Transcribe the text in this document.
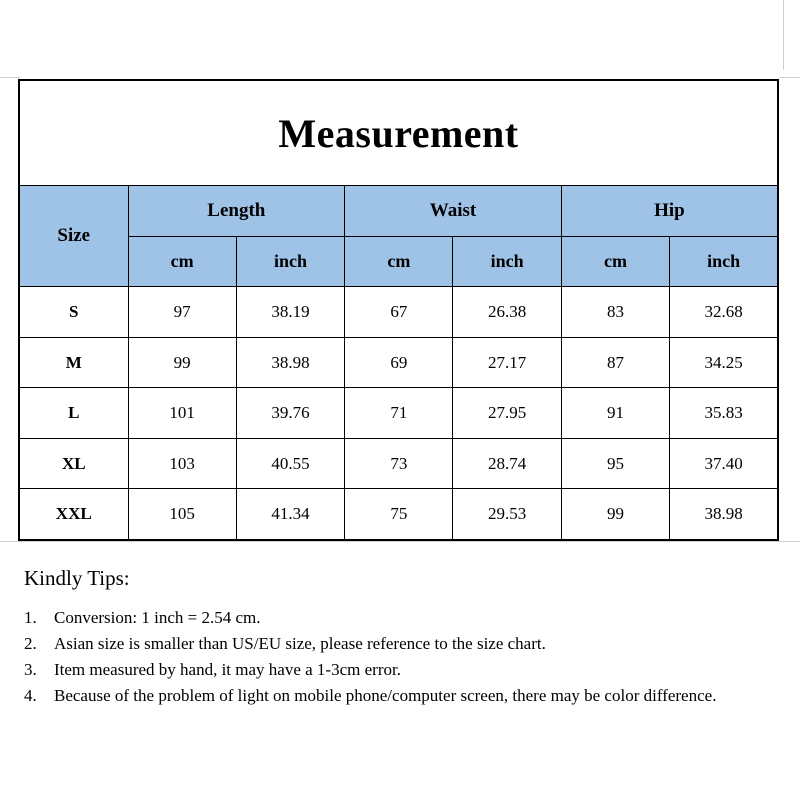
Measurement						
Size	Length		Waist		Hip	
	cm	inch	cm	inch	cm	inch
S	97	38.19	67	26.38	83	32.68
M	99	38.98	69	27.17	87	34.25
L	101	39.76	71	27.95	91	35.83
XL	103	40.55	73	28.74	95	37.40
XXL	105	41.34	75	29.53	99	38.98
Kindly Tips:
1. Conversion: 1 inch = 2.54 cm.
2. Asian size is smaller than US/EU size, please reference to the size chart.
3. Item measured by hand, it may have a 1-3cm error.
4. Because of the problem of light on mobile phone/computer screen, there may be color difference.
